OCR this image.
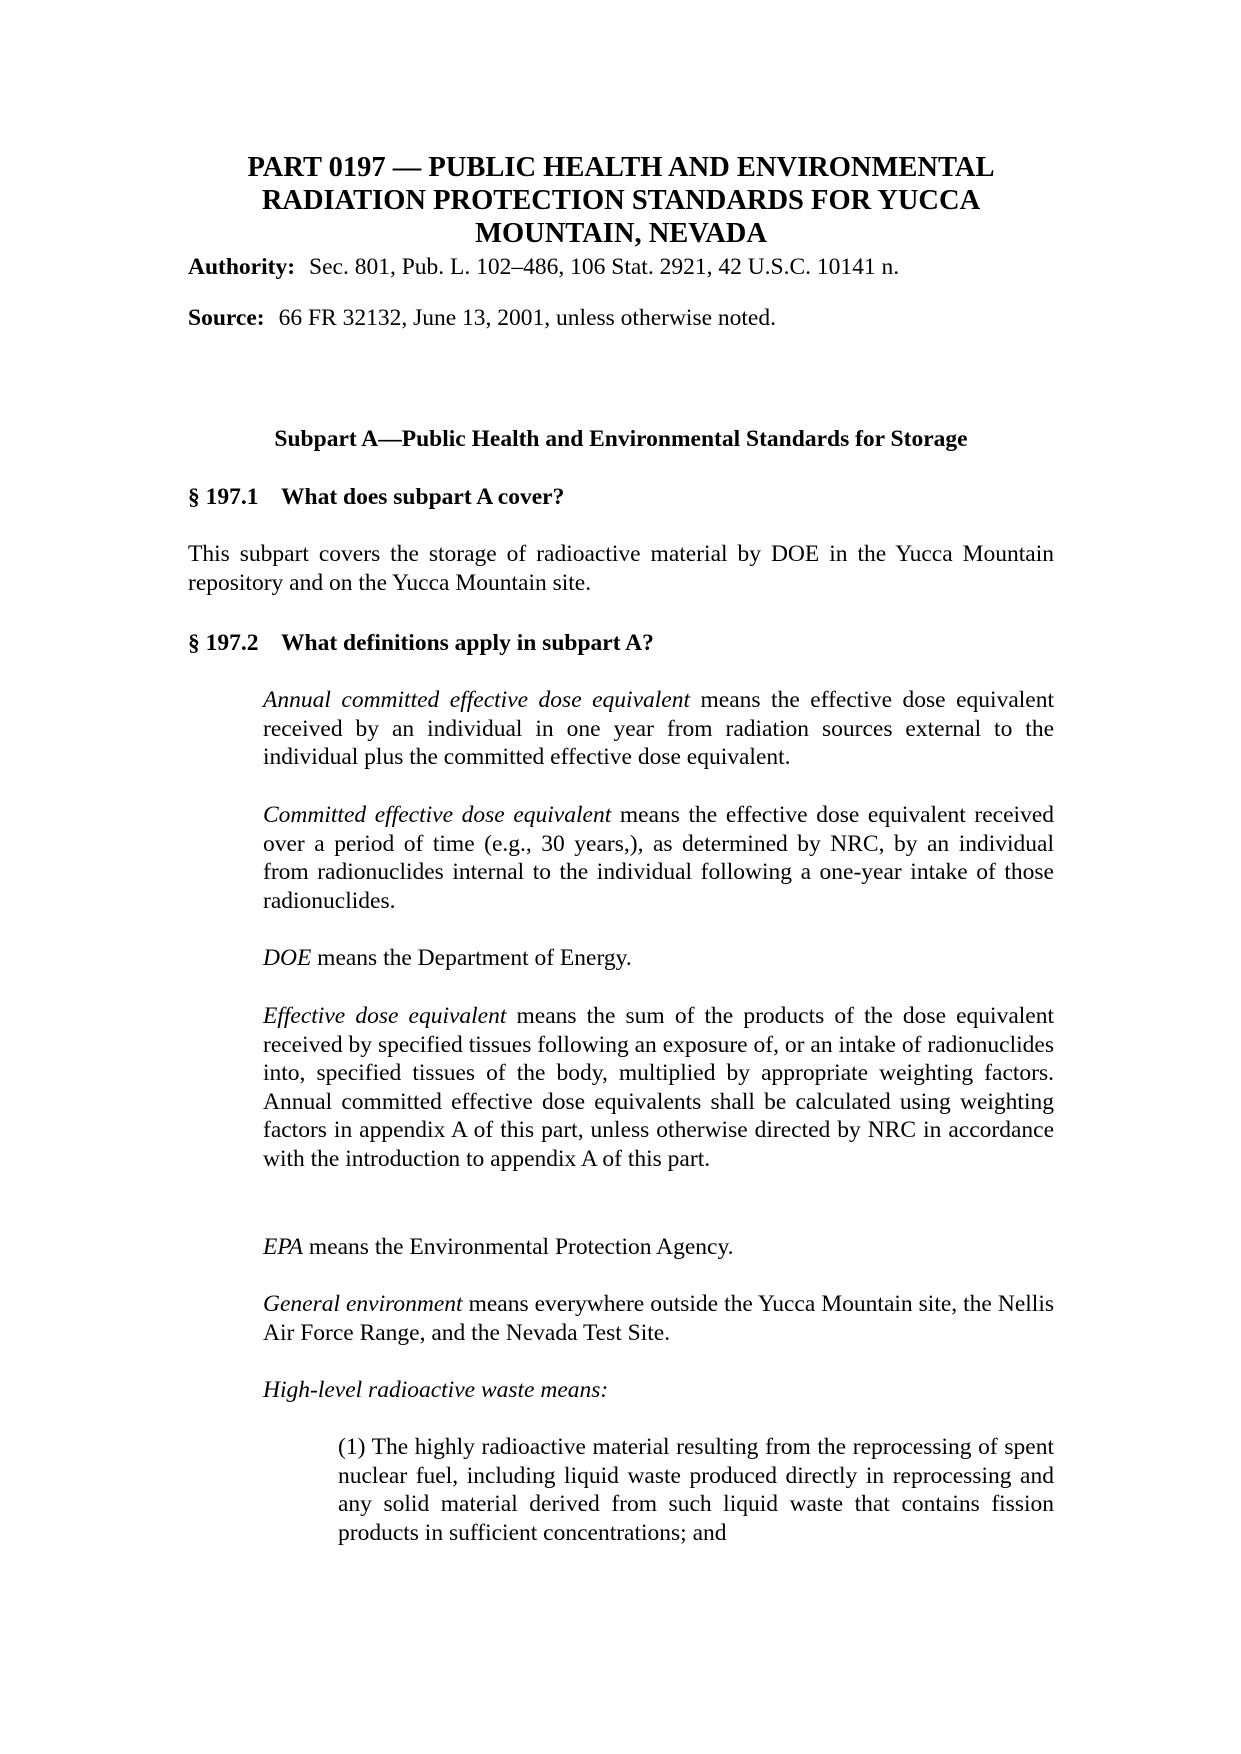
PART 0197 — PUBLIC HEALTH AND ENVIRONMENTAL
RADIATION PROTECTION STANDARDS FOR YUCCA
MOUNTAIN, NEVADA
Authority: Sec. 801, Pub. L. 102–486, 106 Stat. 2921, 42 U.S.C. 10141 n.
Source: 66 FR 32132, June 13, 2001, unless otherwise noted.
Subpart A—Public Health and Environmental Standards for Storage
§ 197.1 What does subpart A cover?
This subpart covers the storage of radioactive material by DOE in the Yucca Mountain repository and on the Yucca Mountain site.
§ 197.2 What definitions apply in subpart A?
Annual committed effective dose equivalent means the effective dose equivalent received by an individual in one year from radiation sources external to the individual plus the committed effective dose equivalent.
Committed effective dose equivalent means the effective dose equivalent received over a period of time (e.g., 30 years,), as determined by NRC, by an individual from radionuclides internal to the individual following a one-year intake of those radionuclides.
DOE means the Department of Energy.
Effective dose equivalent means the sum of the products of the dose equivalent received by specified tissues following an exposure of, or an intake of radionuclides into, specified tissues of the body, multiplied by appropriate weighting factors. Annual committed effective dose equivalents shall be calculated using weighting factors in appendix A of this part, unless otherwise directed by NRC in accordance with the introduction to appendix A of this part.
EPA means the Environmental Protection Agency.
General environment means everywhere outside the Yucca Mountain site, the Nellis Air Force Range, and the Nevada Test Site.
High-level radioactive waste means:
(1) The highly radioactive material resulting from the reprocessing of spent nuclear fuel, including liquid waste produced directly in reprocessing and any solid material derived from such liquid waste that contains fission products in sufficient concentrations; and
